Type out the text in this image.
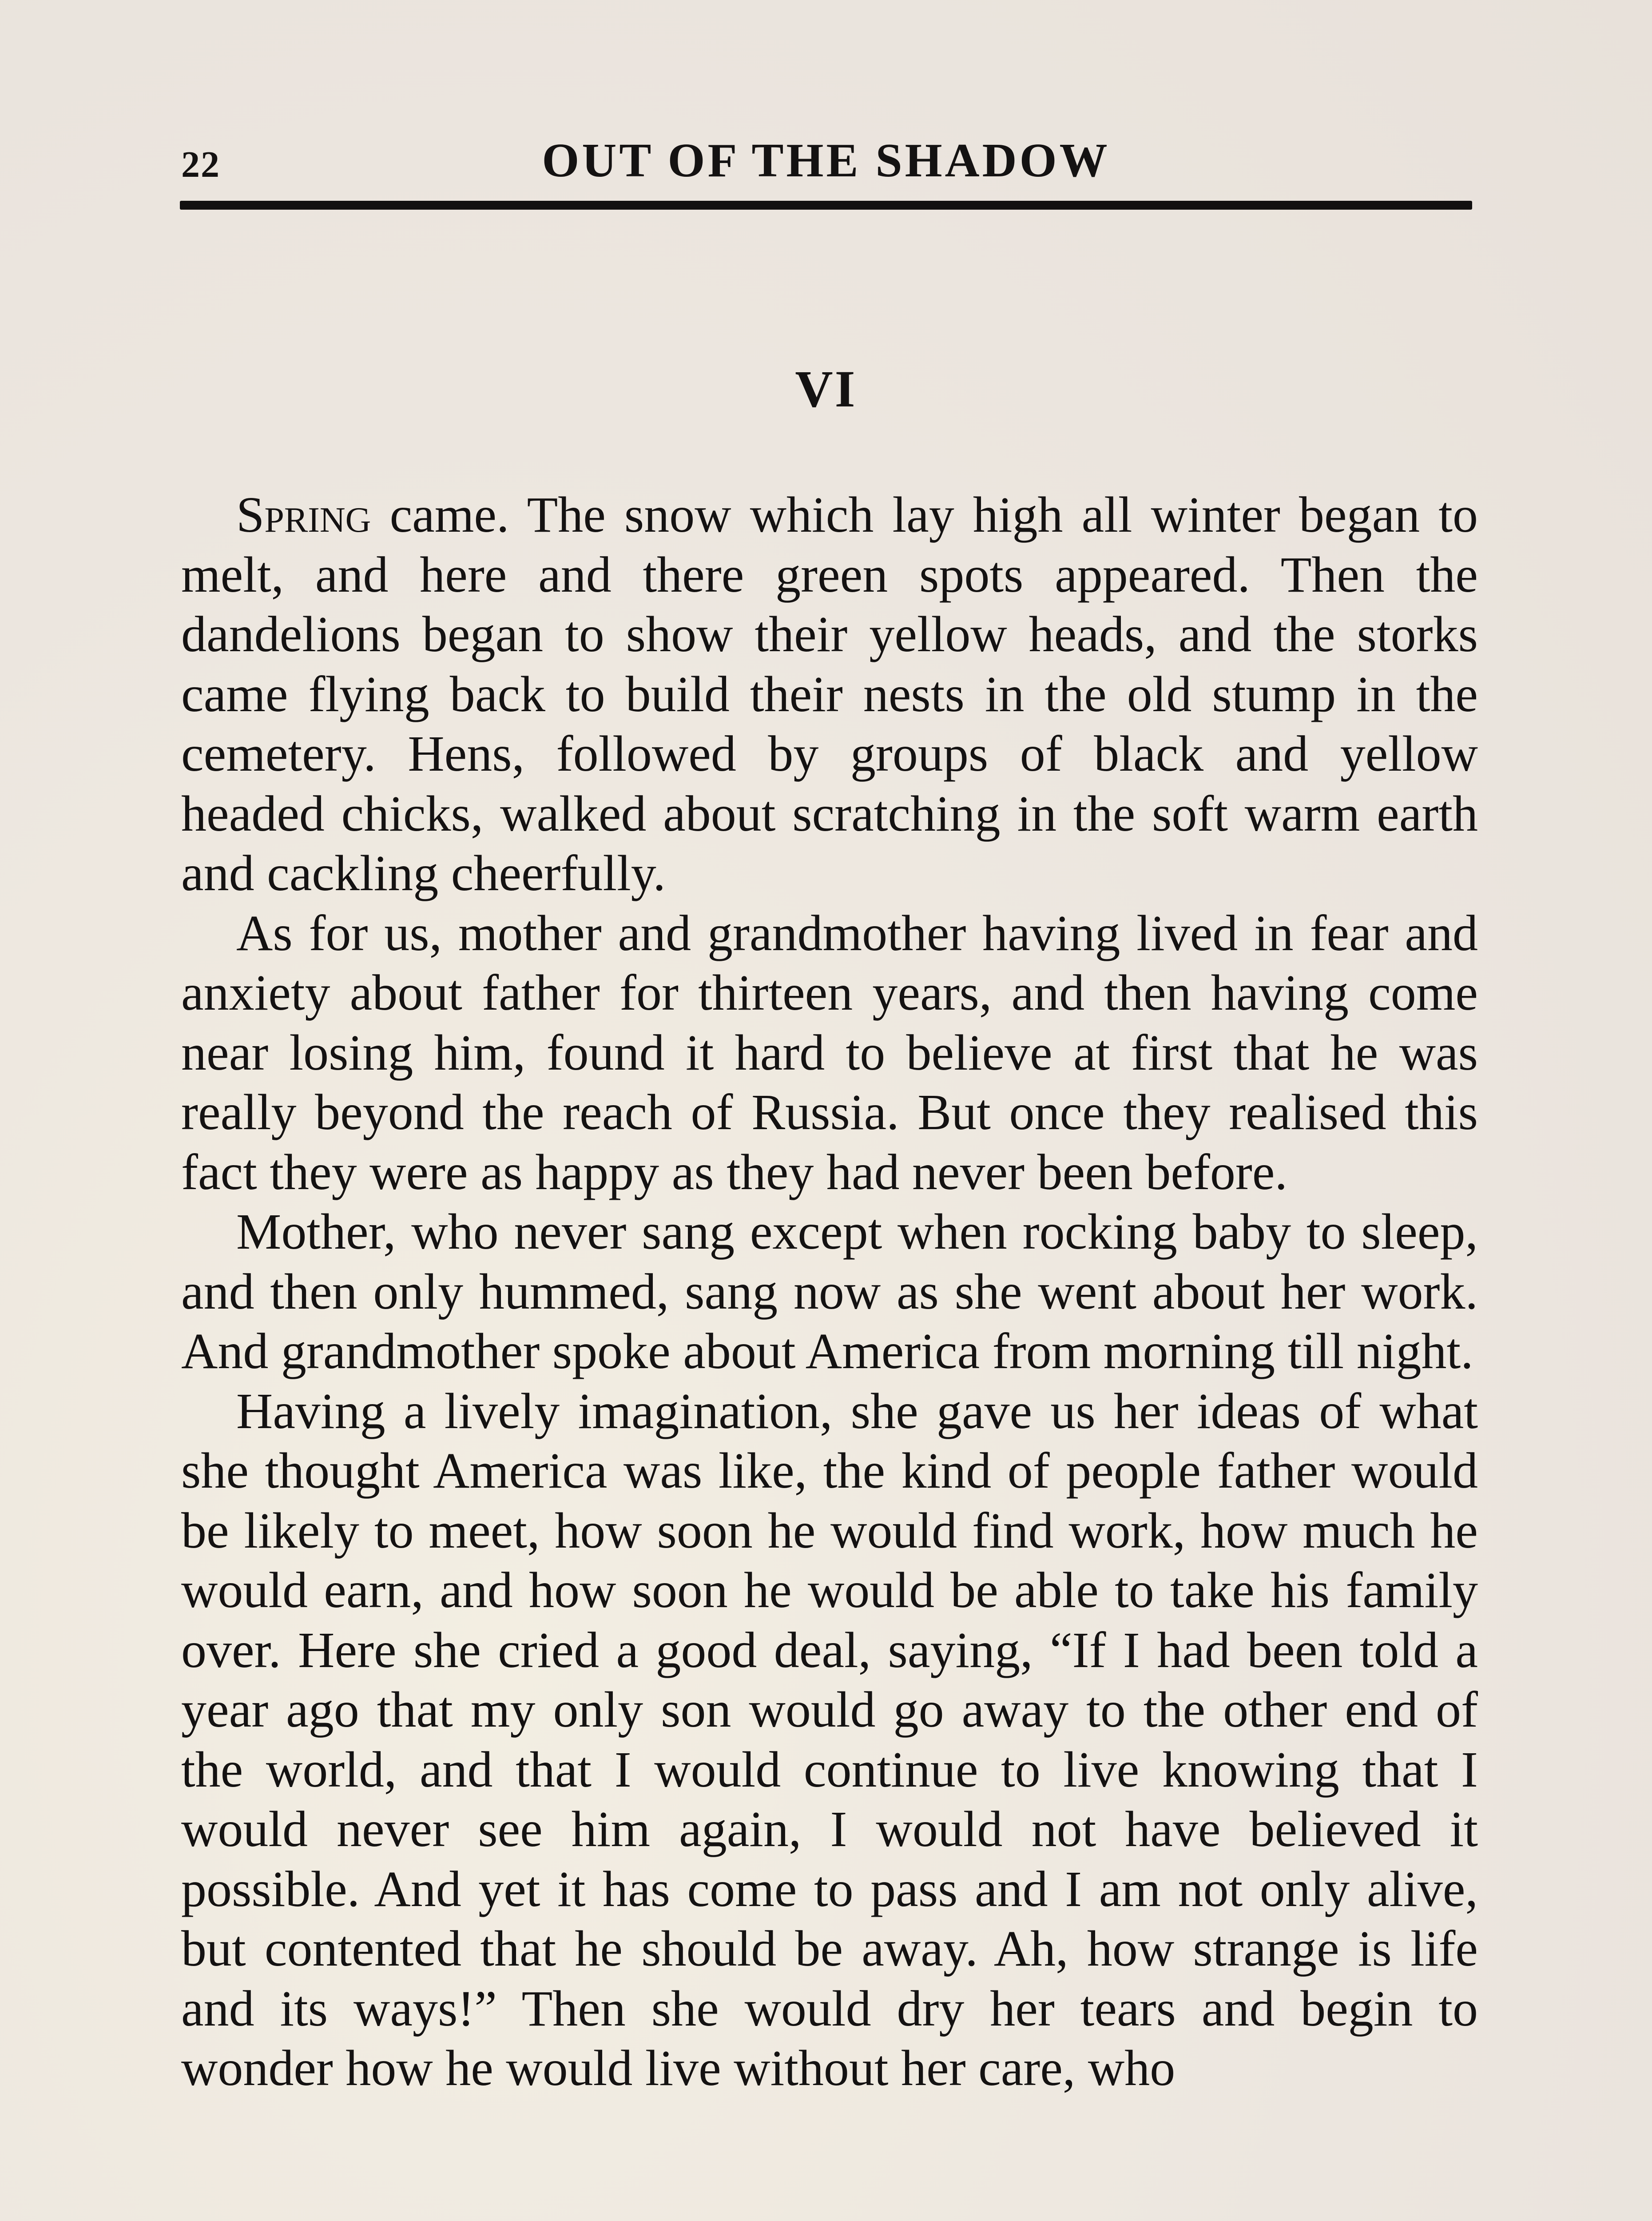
22	OUT OF THE SHADOW
VI

Spring came. The snow which lay high all winter began to melt, and here and there green spots appeared. Then the dandelions began to show their yellow heads, and the storks came flying back to build their nests in the old stump in the cemetery. Hens, followed by groups of black and yellow headed chicks, walked about scratching in the soft warm earth and cackling cheerfully.

As for us, mother and grandmother having lived in fear and anxiety about father for thirteen years, and then having come near losing him, found it hard to believe at first that he was really beyond the reach of Russia. But once they realised this fact they were as happy as they had never been before.

Mother, who never sang except when rocking baby to sleep, and then only hummed, sang now as she went about her work. And grandmother spoke about America from morning till night.

Having a lively imagination, she gave us her ideas of what she thought America was like, the kind of people father would be likely to meet, how soon he would find work, how much he would earn, and how soon he would be able to take his family over. Here she cried a good deal, saying, “If I had been told a year ago that my only son would go away to the other end of the world, and that I would continue to live knowing that I would never see him again, I would not have believed it possible. And yet it has come to pass and I am not only alive, but contented that he should be away. Ah, how strange is life and its ways!” Then she would dry her tears and begin to wonder how he would live without her care, who
